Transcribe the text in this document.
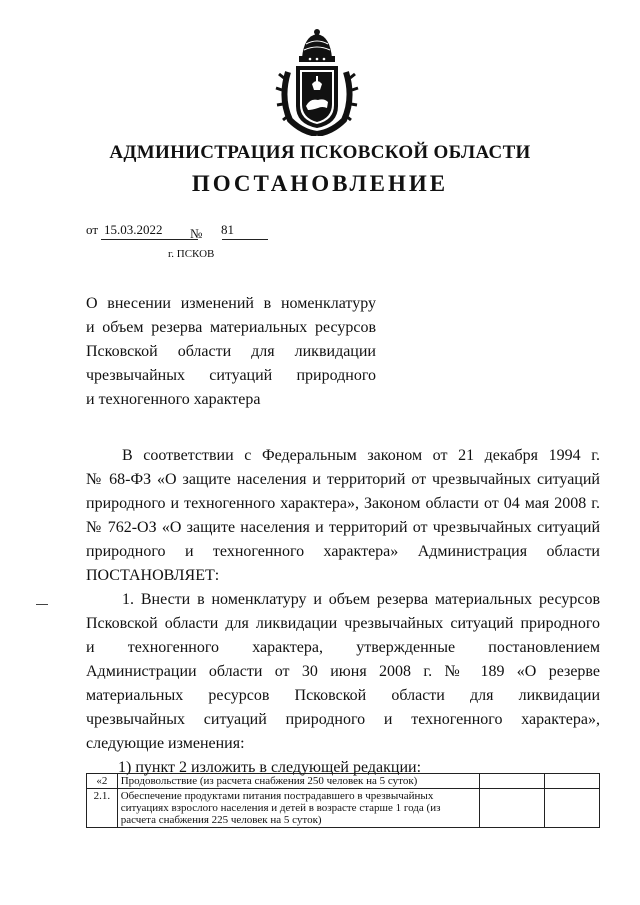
АДМИНИСТРАЦИЯ ПСКОВСКОЙ ОБЛАСТИ
ПОСТАНОВЛЕНИЕ
от 15.03.2022 № 81
г. ПСКОВ
О внесении изменений в номенклатуру
и объем резерва материальных ресурсов
Псковской области для ликвидации
чрезвычайных ситуаций природного
и техногенного характера
В соответствии с Федеральным законом от 21 декабря 1994 г.
№ 68-ФЗ «О защите населения и территорий от чрезвычайных ситуаций
природного и техногенного характера», Законом области от 04 мая 2008 г.
№ 762-ОЗ «О защите населения и территорий от чрезвычайных ситуаций
природного и техногенного характера» Администрация области
ПОСТАНОВЛЯЕТ:
1. Внести в номенклатуру и объем резерва материальных ресурсов
Псковской области для ликвидации чрезвычайных ситуаций природного
и техногенного характера, утвержденные постановлением
Администрации области от 30 июня 2008 г. № 189 «О резерве
материальных ресурсов Псковской области для ликвидации
чрезвычайных ситуаций природного и техногенного характера»,
следующие изменения:
1) пункт 2 изложить в следующей редакции:
«2	Продовольствие (из расчета снабжения 250 человек на 5 суток)		
2.1.	Обеспечение продуктами питания пострадавшего в чрезвычайных ситуациях взрослого населения и детей в возрасте старше 1 года (из расчета снабжения 225 человек на 5 суток)		
